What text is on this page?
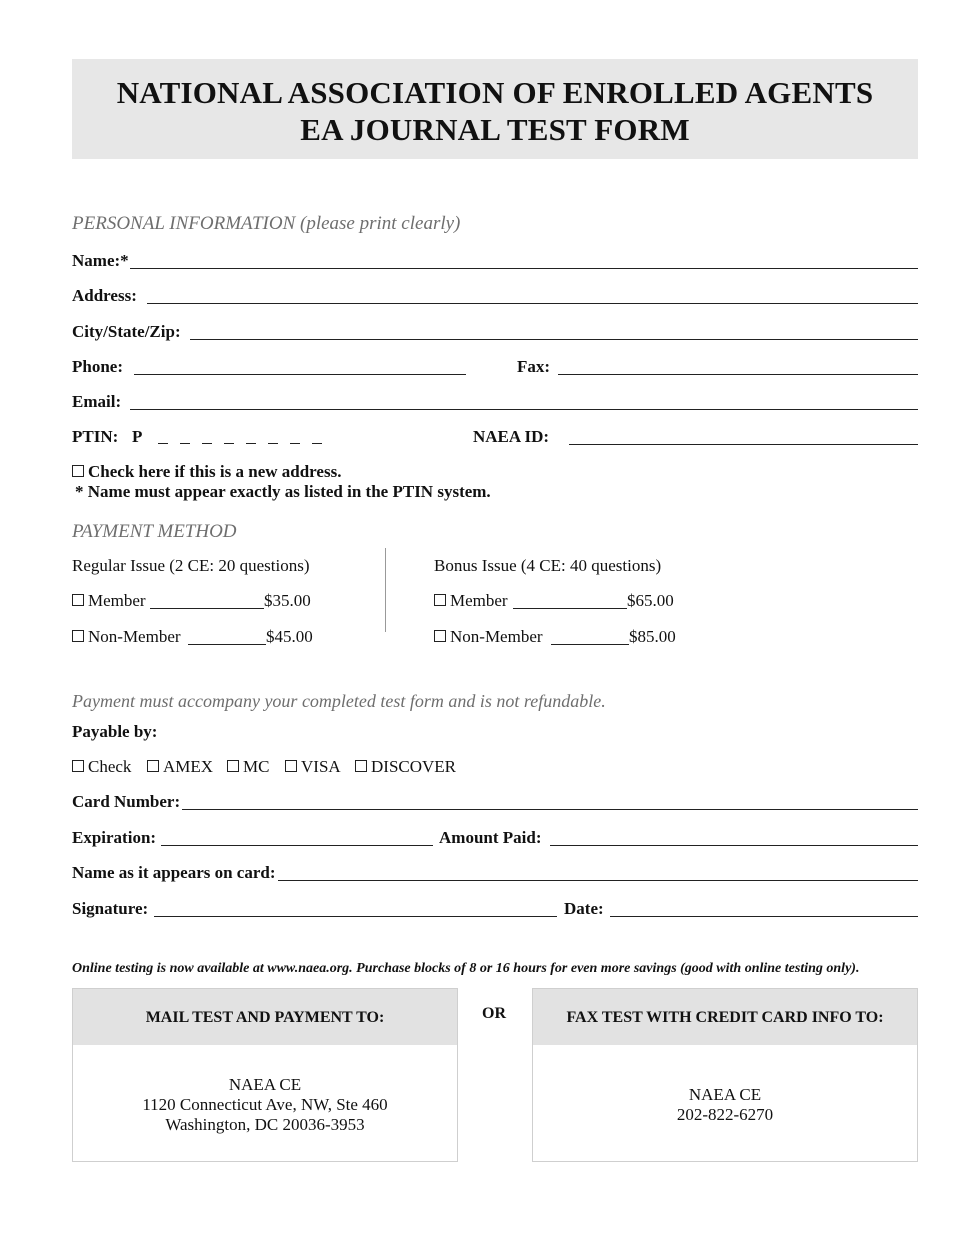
NATIONAL ASSOCIATION OF ENROLLED AGENTS
EA JOURNAL TEST FORM
PERSONAL INFORMATION (please print clearly)
Name:*
Address:
City/State/Zip:
Phone:	Fax:
Email:
PTIN: P	NAEA ID:
Check here if this is a new address.
* Name must appear exactly as listed in the PTIN system.
PAYMENT METHOD
Regular Issue (2 CE: 20 questions)
Member	$35.00
Non-Member	$45.00
Bonus Issue (4 CE: 40 questions)
Member	$65.00
Non-Member	$85.00
Payment must accompany your completed test form and is not refundable.
Payable by:
Check	AMEX	MC	VISA	DISCOVER
Card Number:
Expiration:	Amount Paid:
Name as it appears on card:
Signature:	Date:
Online testing is now available at www.naea.org. Purchase blocks of 8 or 16 hours for even more savings (good with online testing only).
MAIL TEST AND PAYMENT TO:
NAEA CE
1120 Connecticut Ave, NW, Ste 460
Washington, DC 20036-3953
OR	FAX TEST WITH CREDIT CARD INFO TO:
NAEA CE
202-822-6270
